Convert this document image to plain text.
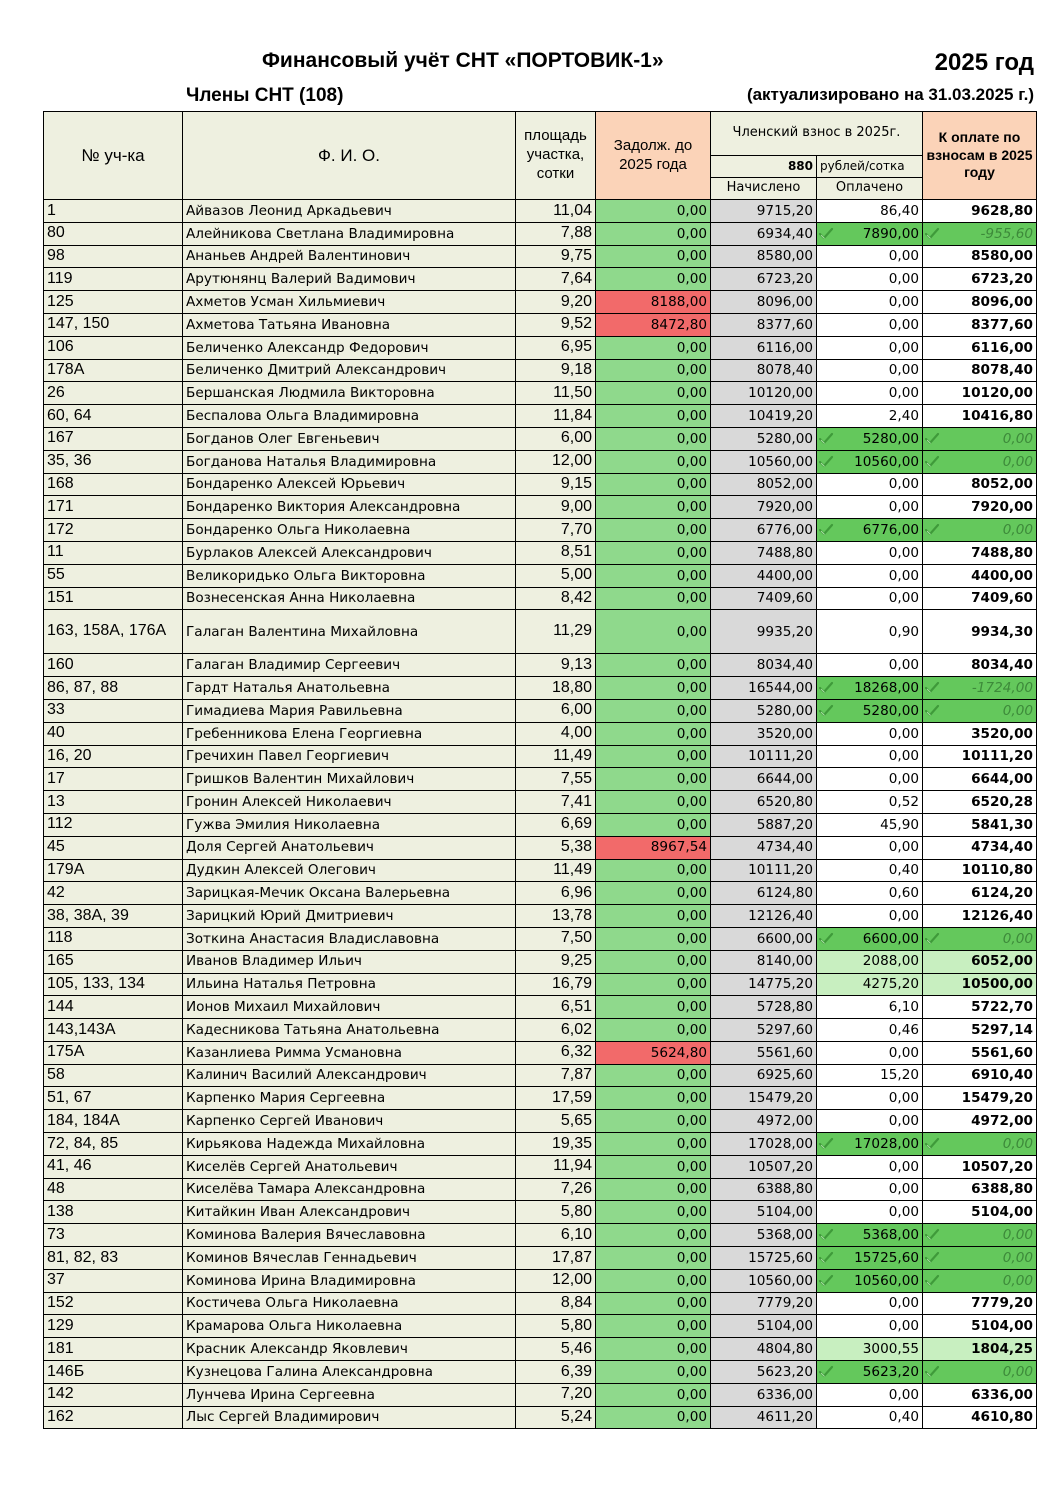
Финансовый учёт СНТ «ПОРТОВИК-1»	2025 год
Члены СНТ (108)	(актуализировано на 31.03.2025 г.)
№ уч-ка	Ф. И. О.	площадь участка, сотки	Задолж. до 2025 года	Членский взнос в 2025г.		К оплате по взносам в 2025 году
				880	рублей/сотка	
				Начислено	Оплачено	
1	Айвазов Леонид Аркадьевич	11,04	0,00	9715,20	86,40	9628,80
80	Алейникова Светлана Владимировна	7,88	0,00	6934,40	7890,00	-955,60
98	Ананьев Андрей Валентинович	9,75	0,00	8580,00	0,00	8580,00
119	Арутюнянц Валерий Вадимович	7,64	0,00	6723,20	0,00	6723,20
125	Ахметов Усман Хильмиевич	9,20	8188,00	8096,00	0,00	8096,00
147, 150	Ахметова Татьяна Ивановна	9,52	8472,80	8377,60	0,00	8377,60
106	Беличенко Александр Федорович	6,95	0,00	6116,00	0,00	6116,00
178А	Беличенко Дмитрий Александрович	9,18	0,00	8078,40	0,00	8078,40
26	Бершанская Людмила Викторовна	11,50	0,00	10120,00	0,00	10120,00
60, 64	Беспалова Ольга Владимировна	11,84	0,00	10419,20	2,40	10416,80
167	Богданов Олег Евгеньевич	6,00	0,00	5280,00	5280,00	0,00
35, 36	Богданова Наталья Владимировна	12,00	0,00	10560,00	10560,00	0,00
168	Бондаренко Алексей Юрьевич	9,15	0,00	8052,00	0,00	8052,00
171	Бондаренко Виктория Александровна	9,00	0,00	7920,00	0,00	7920,00
172	Бондаренко Ольга Николаевна	7,70	0,00	6776,00	6776,00	0,00
11	Бурлаков Алексей Александрович	8,51	0,00	7488,80	0,00	7488,80
55	Великоридько Ольга Викторовна	5,00	0,00	4400,00	0,00	4400,00
151	Вознесенская Анна Николаевна	8,42	0,00	7409,60	0,00	7409,60
163, 158А, 176А	Галаган Валентина Михайловна	11,29	0,00	9935,20	0,90	9934,30
160	Галаган Владимир Сергеевич	9,13	0,00	8034,40	0,00	8034,40
86, 87, 88	Гардт Наталья Анатольевна	18,80	0,00	16544,00	18268,00	-1724,00
33	Гимадиева Мария Равильевна	6,00	0,00	5280,00	5280,00	0,00
40	Гребенникова Елена Георгиевна	4,00	0,00	3520,00	0,00	3520,00
16, 20	Гречихин Павел Георгиевич	11,49	0,00	10111,20	0,00	10111,20
17	Гришков Валентин Михайлович	7,55	0,00	6644,00	0,00	6644,00
13	Гронин Алексей Николаевич	7,41	0,00	6520,80	0,52	6520,28
112	Гужва Эмилия Николаевна	6,69	0,00	5887,20	45,90	5841,30
45	Доля Сергей Анатольевич	5,38	8967,54	4734,40	0,00	4734,40
179А	Дудкин Алексей Олегович	11,49	0,00	10111,20	0,40	10110,80
42	Зарицкая-Мечик Оксана Валерьевна	6,96	0,00	6124,80	0,60	6124,20
38, 38А, 39	Зарицкий Юрий Дмитриевич	13,78	0,00	12126,40	0,00	12126,40
118	Зоткина Анастасия Владиславовна	7,50	0,00	6600,00	6600,00	0,00
165	Иванов Владимер Ильич	9,25	0,00	8140,00	2088,00	6052,00
105, 133, 134	Ильина Наталья Петровна	16,79	0,00	14775,20	4275,20	10500,00
144	Ионов Михаил Михайлович	6,51	0,00	5728,80	6,10	5722,70
143,143А	Кадесникова Татьяна Анатольевна	6,02	0,00	5297,60	0,46	5297,14
175А	Казанлиева Римма Усмановна	6,32	5624,80	5561,60	0,00	5561,60
58	Калинич Василий Александрович	7,87	0,00	6925,60	15,20	6910,40
51, 67	Карпенко Мария Сергеевна	17,59	0,00	15479,20	0,00	15479,20
184, 184А	Карпенко Сергей Иванович	5,65	0,00	4972,00	0,00	4972,00
72, 84, 85	Кирьякова Надежда Михайловна	19,35	0,00	17028,00	17028,00	0,00
41, 46	Киселёв Сергей Анатольевич	11,94	0,00	10507,20	0,00	10507,20
48	Киселёва Тамара Александровна	7,26	0,00	6388,80	0,00	6388,80
138	Китайкин Иван Александрович	5,80	0,00	5104,00	0,00	5104,00
73	Коминова Валерия Вячеславовна	6,10	0,00	5368,00	5368,00	0,00
81, 82, 83	Коминов Вячеслав Геннадьевич	17,87	0,00	15725,60	15725,60	0,00
37	Коминова Ирина Владимировна	12,00	0,00	10560,00	10560,00	0,00
152	Костичева Ольга Николаевна	8,84	0,00	7779,20	0,00	7779,20
129	Крамарова Ольга Николаевна	5,80	0,00	5104,00	0,00	5104,00
181	Красник Александр Яковлевич	5,46	0,00	4804,80	3000,55	1804,25
146Б	Кузнецова Галина Александровна	6,39	0,00	5623,20	5623,20	0,00
142	Лунчева Ирина Сергеевна	7,20	0,00	6336,00	0,00	6336,00
162	Лыс Сергей Владимирович	5,24	0,00	4611,20	0,40	4610,80
